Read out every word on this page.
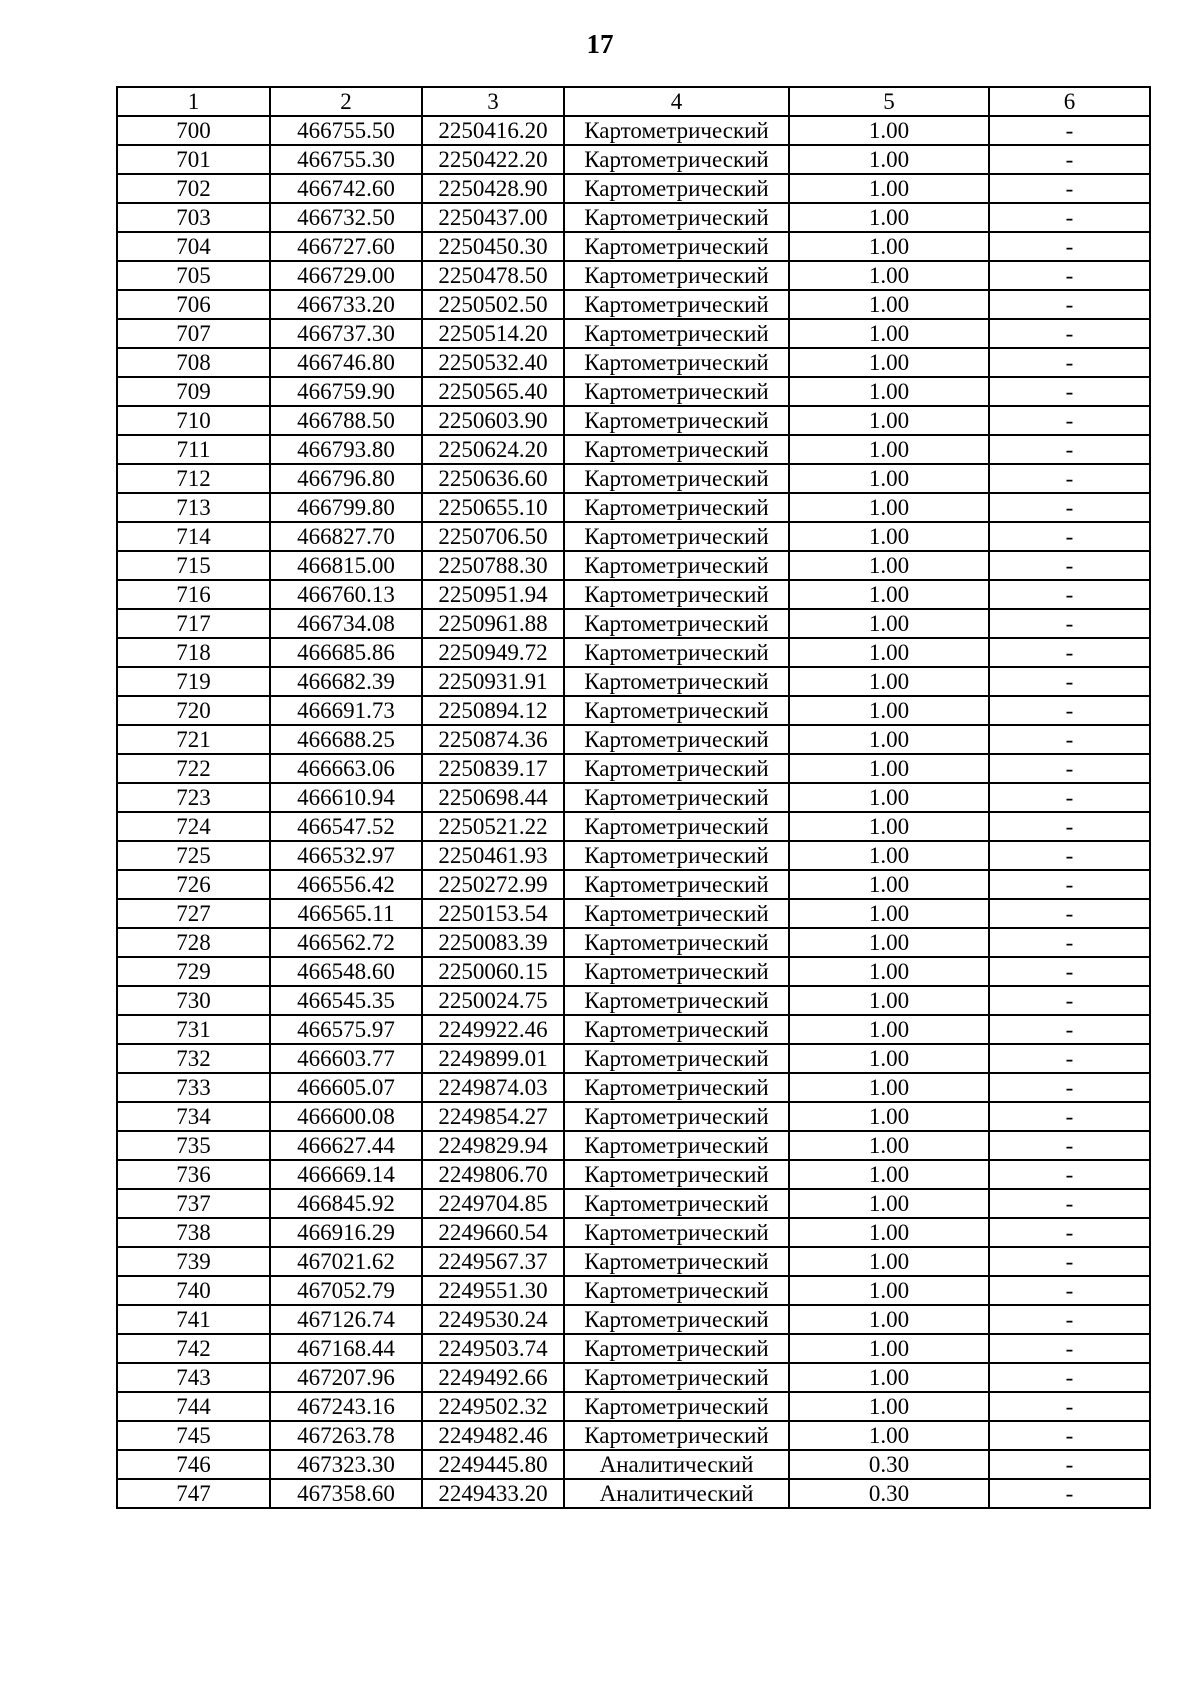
17
1	2	3	4	5	6
700	466755.50	2250416.20	Картометрический	1.00	-
701	466755.30	2250422.20	Картометрический	1.00	-
702	466742.60	2250428.90	Картометрический	1.00	-
703	466732.50	2250437.00	Картометрический	1.00	-
704	466727.60	2250450.30	Картометрический	1.00	-
705	466729.00	2250478.50	Картометрический	1.00	-
706	466733.20	2250502.50	Картометрический	1.00	-
707	466737.30	2250514.20	Картометрический	1.00	-
708	466746.80	2250532.40	Картометрический	1.00	-
709	466759.90	2250565.40	Картометрический	1.00	-
710	466788.50	2250603.90	Картометрический	1.00	-
711	466793.80	2250624.20	Картометрический	1.00	-
712	466796.80	2250636.60	Картометрический	1.00	-
713	466799.80	2250655.10	Картометрический	1.00	-
714	466827.70	2250706.50	Картометрический	1.00	-
715	466815.00	2250788.30	Картометрический	1.00	-
716	466760.13	2250951.94	Картометрический	1.00	-
717	466734.08	2250961.88	Картометрический	1.00	-
718	466685.86	2250949.72	Картометрический	1.00	-
719	466682.39	2250931.91	Картометрический	1.00	-
720	466691.73	2250894.12	Картометрический	1.00	-
721	466688.25	2250874.36	Картометрический	1.00	-
722	466663.06	2250839.17	Картометрический	1.00	-
723	466610.94	2250698.44	Картометрический	1.00	-
724	466547.52	2250521.22	Картометрический	1.00	-
725	466532.97	2250461.93	Картометрический	1.00	-
726	466556.42	2250272.99	Картометрический	1.00	-
727	466565.11	2250153.54	Картометрический	1.00	-
728	466562.72	2250083.39	Картометрический	1.00	-
729	466548.60	2250060.15	Картометрический	1.00	-
730	466545.35	2250024.75	Картометрический	1.00	-
731	466575.97	2249922.46	Картометрический	1.00	-
732	466603.77	2249899.01	Картометрический	1.00	-
733	466605.07	2249874.03	Картометрический	1.00	-
734	466600.08	2249854.27	Картометрический	1.00	-
735	466627.44	2249829.94	Картометрический	1.00	-
736	466669.14	2249806.70	Картометрический	1.00	-
737	466845.92	2249704.85	Картометрический	1.00	-
738	466916.29	2249660.54	Картометрический	1.00	-
739	467021.62	2249567.37	Картометрический	1.00	-
740	467052.79	2249551.30	Картометрический	1.00	-
741	467126.74	2249530.24	Картометрический	1.00	-
742	467168.44	2249503.74	Картометрический	1.00	-
743	467207.96	2249492.66	Картометрический	1.00	-
744	467243.16	2249502.32	Картометрический	1.00	-
745	467263.78	2249482.46	Картометрический	1.00	-
746	467323.30	2249445.80	Аналитический	0.30	-
747	467358.60	2249433.20	Аналитический	0.30	-
